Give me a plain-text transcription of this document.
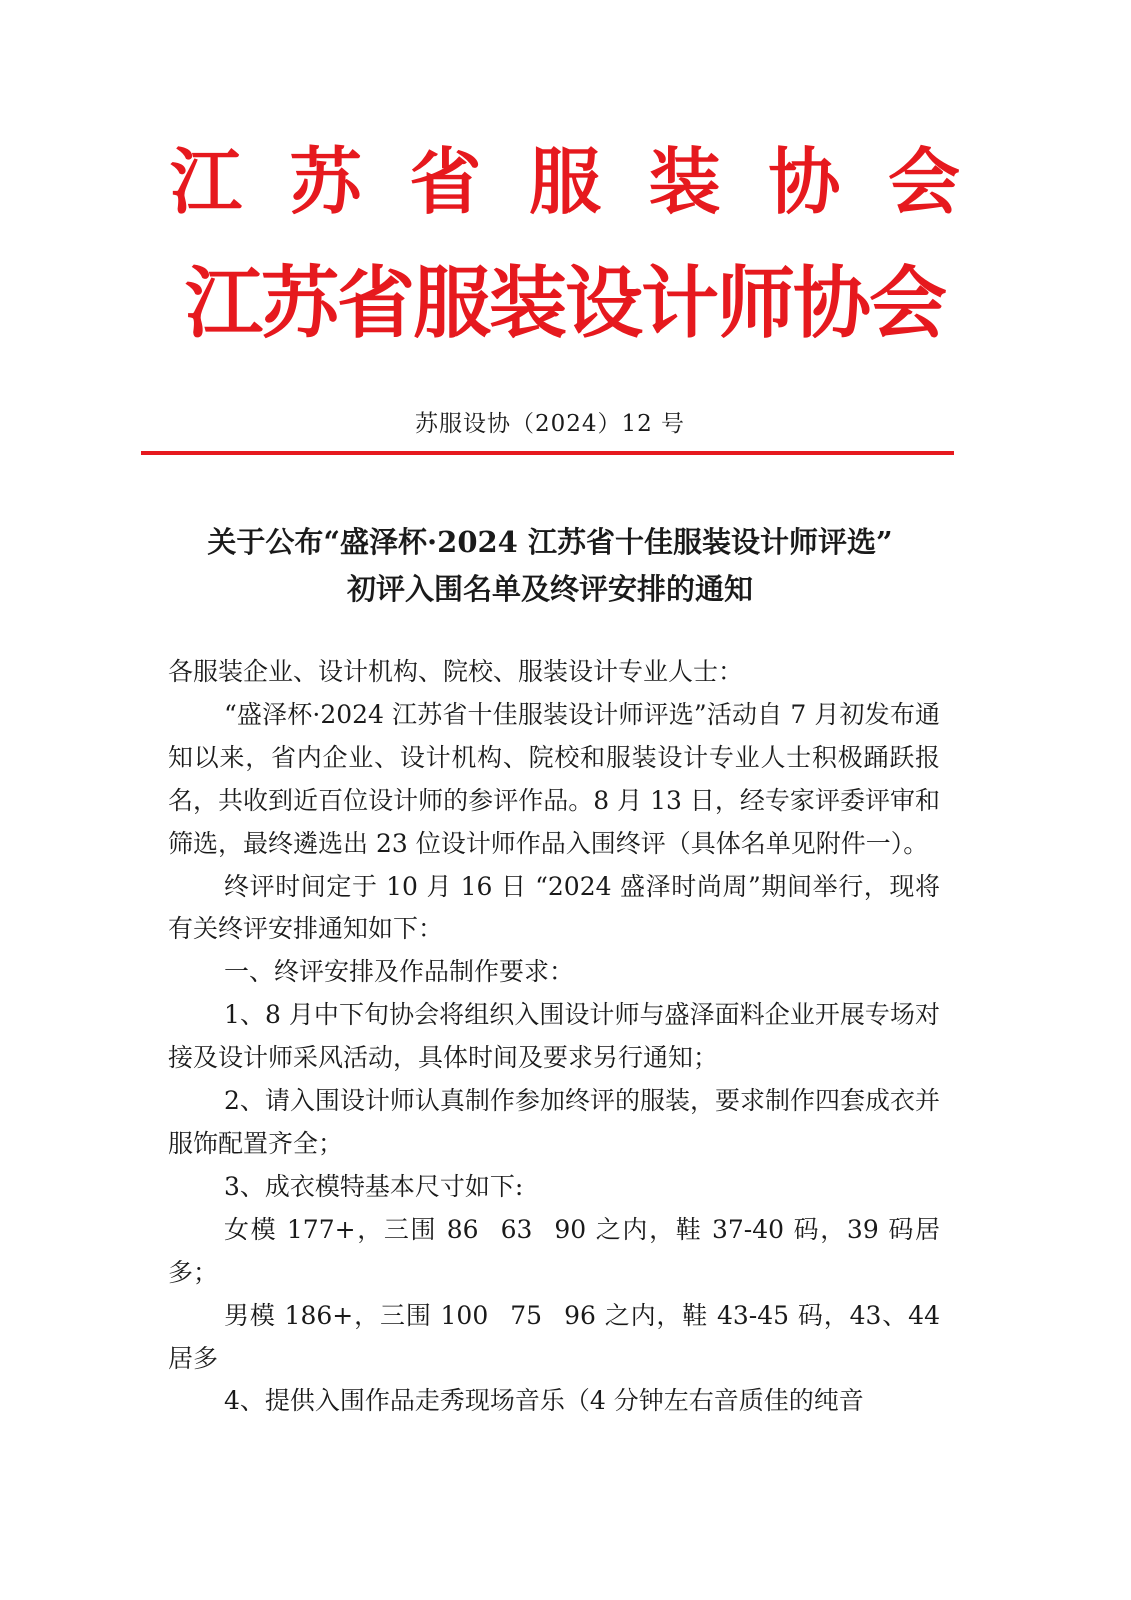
江 苏 省 服 装 协 会
江苏省服装设计师协会
苏服设协（2024）12 号
关于公布“盛泽杯·2024 江苏省十佳服装设计师评选”
初评入围名单及终评安排的通知

各服装企业、设计机构、院校、服装设计专业人士：

“盛泽杯·2024 江苏省十佳服装设计师评选”活动自 7 月初发布通知以来，省内企业、设计机构、院校和服装设计专业人士积极踊跃报名，共收到近百位设计师的参评作品。8 月 13 日，经专家评委评审和筛选，最终遴选出 23 位设计师作品入围终评（具体名单见附件一）。

终评时间定于 10 月 16 日 “2024 盛泽时尚周”期间举行，现将有关终评安排通知如下：

一、终评安排及作品制作要求：

1、8 月中下旬协会将组织入围设计师与盛泽面料企业开展专场对接及设计师采风活动，具体时间及要求另行通知；

2、请入围设计师认真制作参加终评的服装，要求制作四套成衣并服饰配置齐全；

3、成衣模特基本尺寸如下:

女模 177+，三围 86 63 90 之内，鞋 37-40 码，39 码居多；

男模 186+，三围 100 75 96 之内，鞋 43-45 码，43、44 居多

4、提供入围作品走秀现场音乐（4 分钟左右音质佳的纯音
